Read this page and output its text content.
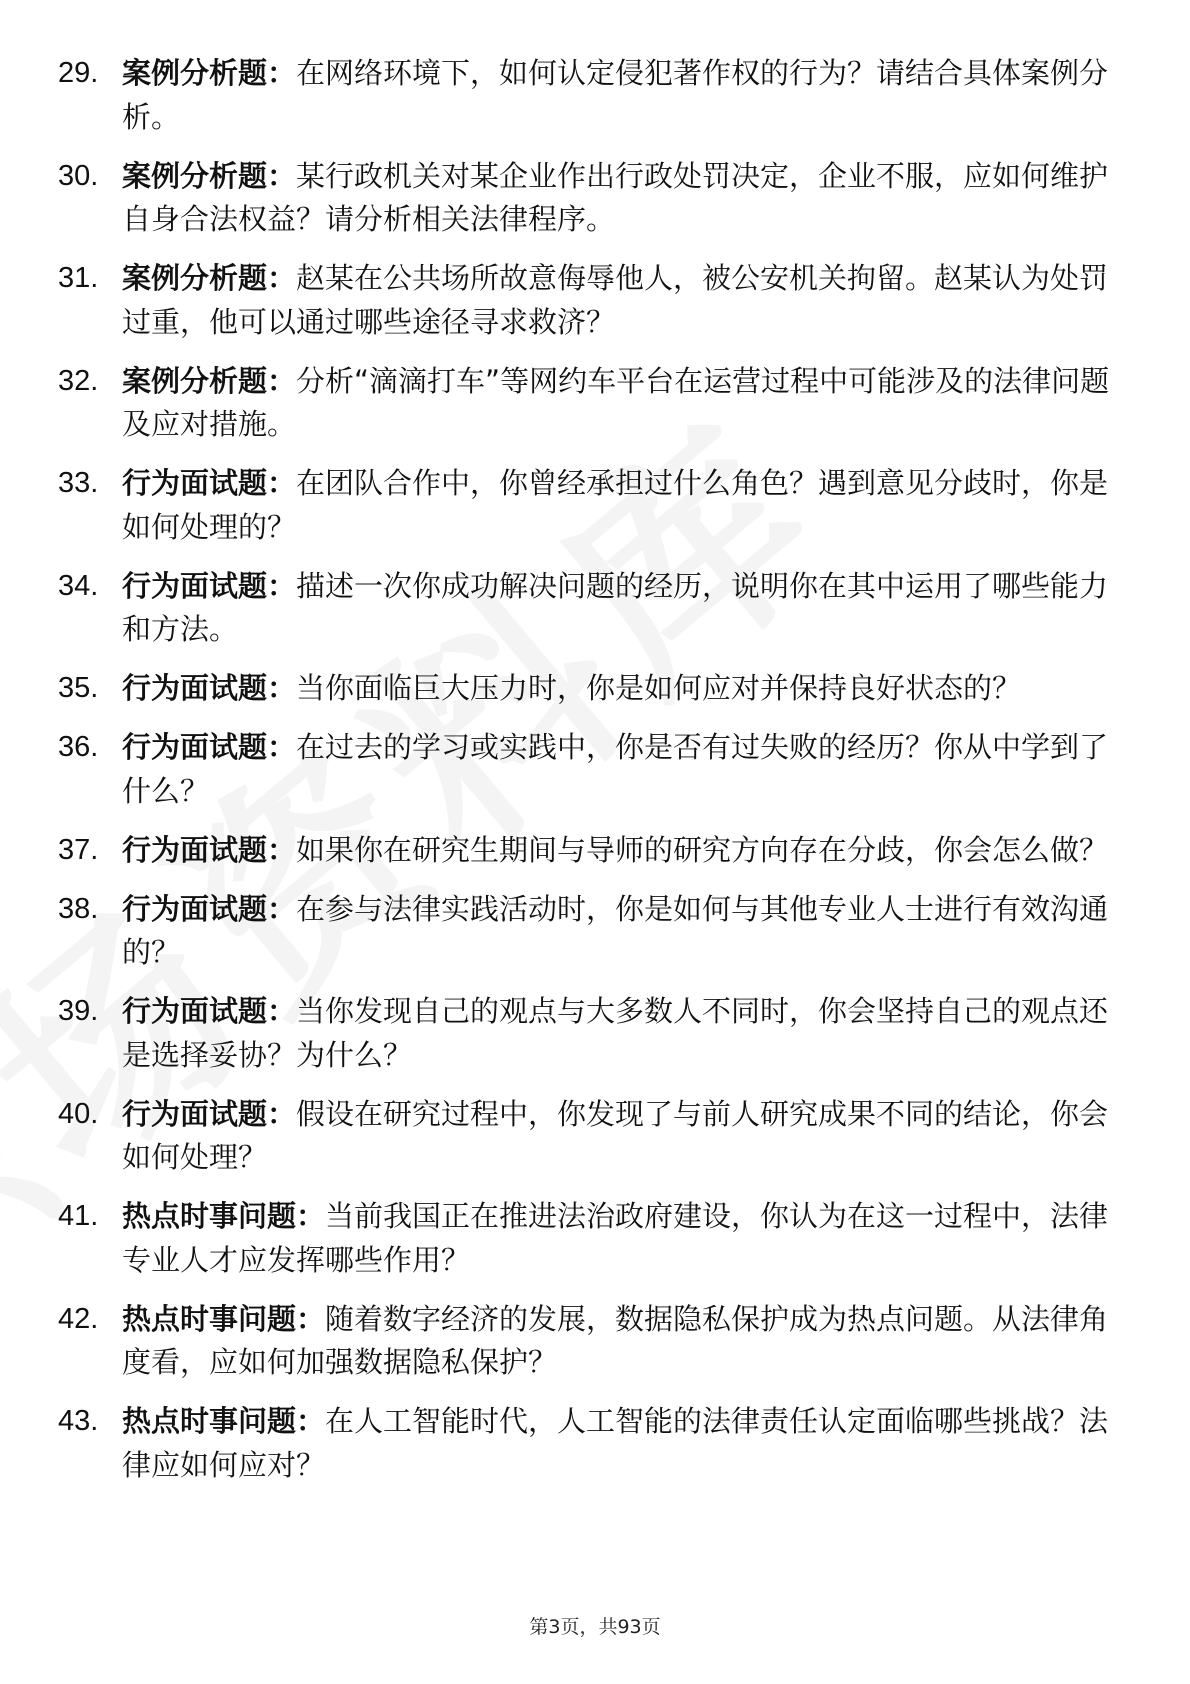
29. 案例分析题：在网络环境下，如何认定侵犯著作权的行为？请结合具体案例分析。
30. 案例分析题：某行政机关对某企业作出行政处罚决定，企业不服，应如何维护自身合法权益？请分析相关法律程序。
31. 案例分析题：赵某在公共场所故意侮辱他人，被公安机关拘留。赵某认为处罚过重，他可以通过哪些途径寻求救济？
32. 案例分析题：分析“滴滴打车”等网约车平台在运营过程中可能涉及的法律问题及应对措施。
33. 行为面试题：在团队合作中，你曾经承担过什么角色？遇到意见分歧时，你是如何处理的？
34. 行为面试题：描述一次你成功解决问题的经历，说明你在其中运用了哪些能力和方法。
35. 行为面试题：当你面临巨大压力时，你是如何应对并保持良好状态的？
36. 行为面试题：在过去的学习或实践中，你是否有过失败的经历？你从中学到了什么？
37. 行为面试题：如果你在研究生期间与导师的研究方向存在分歧，你会怎么做？
38. 行为面试题：在参与法律实践活动时，你是如何与其他专业人士进行有效沟通的？
39. 行为面试题：当你发现自己的观点与大多数人不同时，你会坚持自己的观点还是选择妥协？为什么？
40. 行为面试题：假设在研究过程中，你发现了与前人研究成果不同的结论，你会如何处理？
41. 热点时事问题：当前我国正在推进法治政府建设，你认为在这一过程中，法律专业人才应发挥哪些作用？
42. 热点时事问题：随着数字经济的发展，数据隐私保护成为热点问题。从法律角度看，应如何加强数据隐私保护？
43. 热点时事问题：在人工智能时代，人工智能的法律责任认定面临哪些挑战？法律应如何应对？
第3页，共93页
